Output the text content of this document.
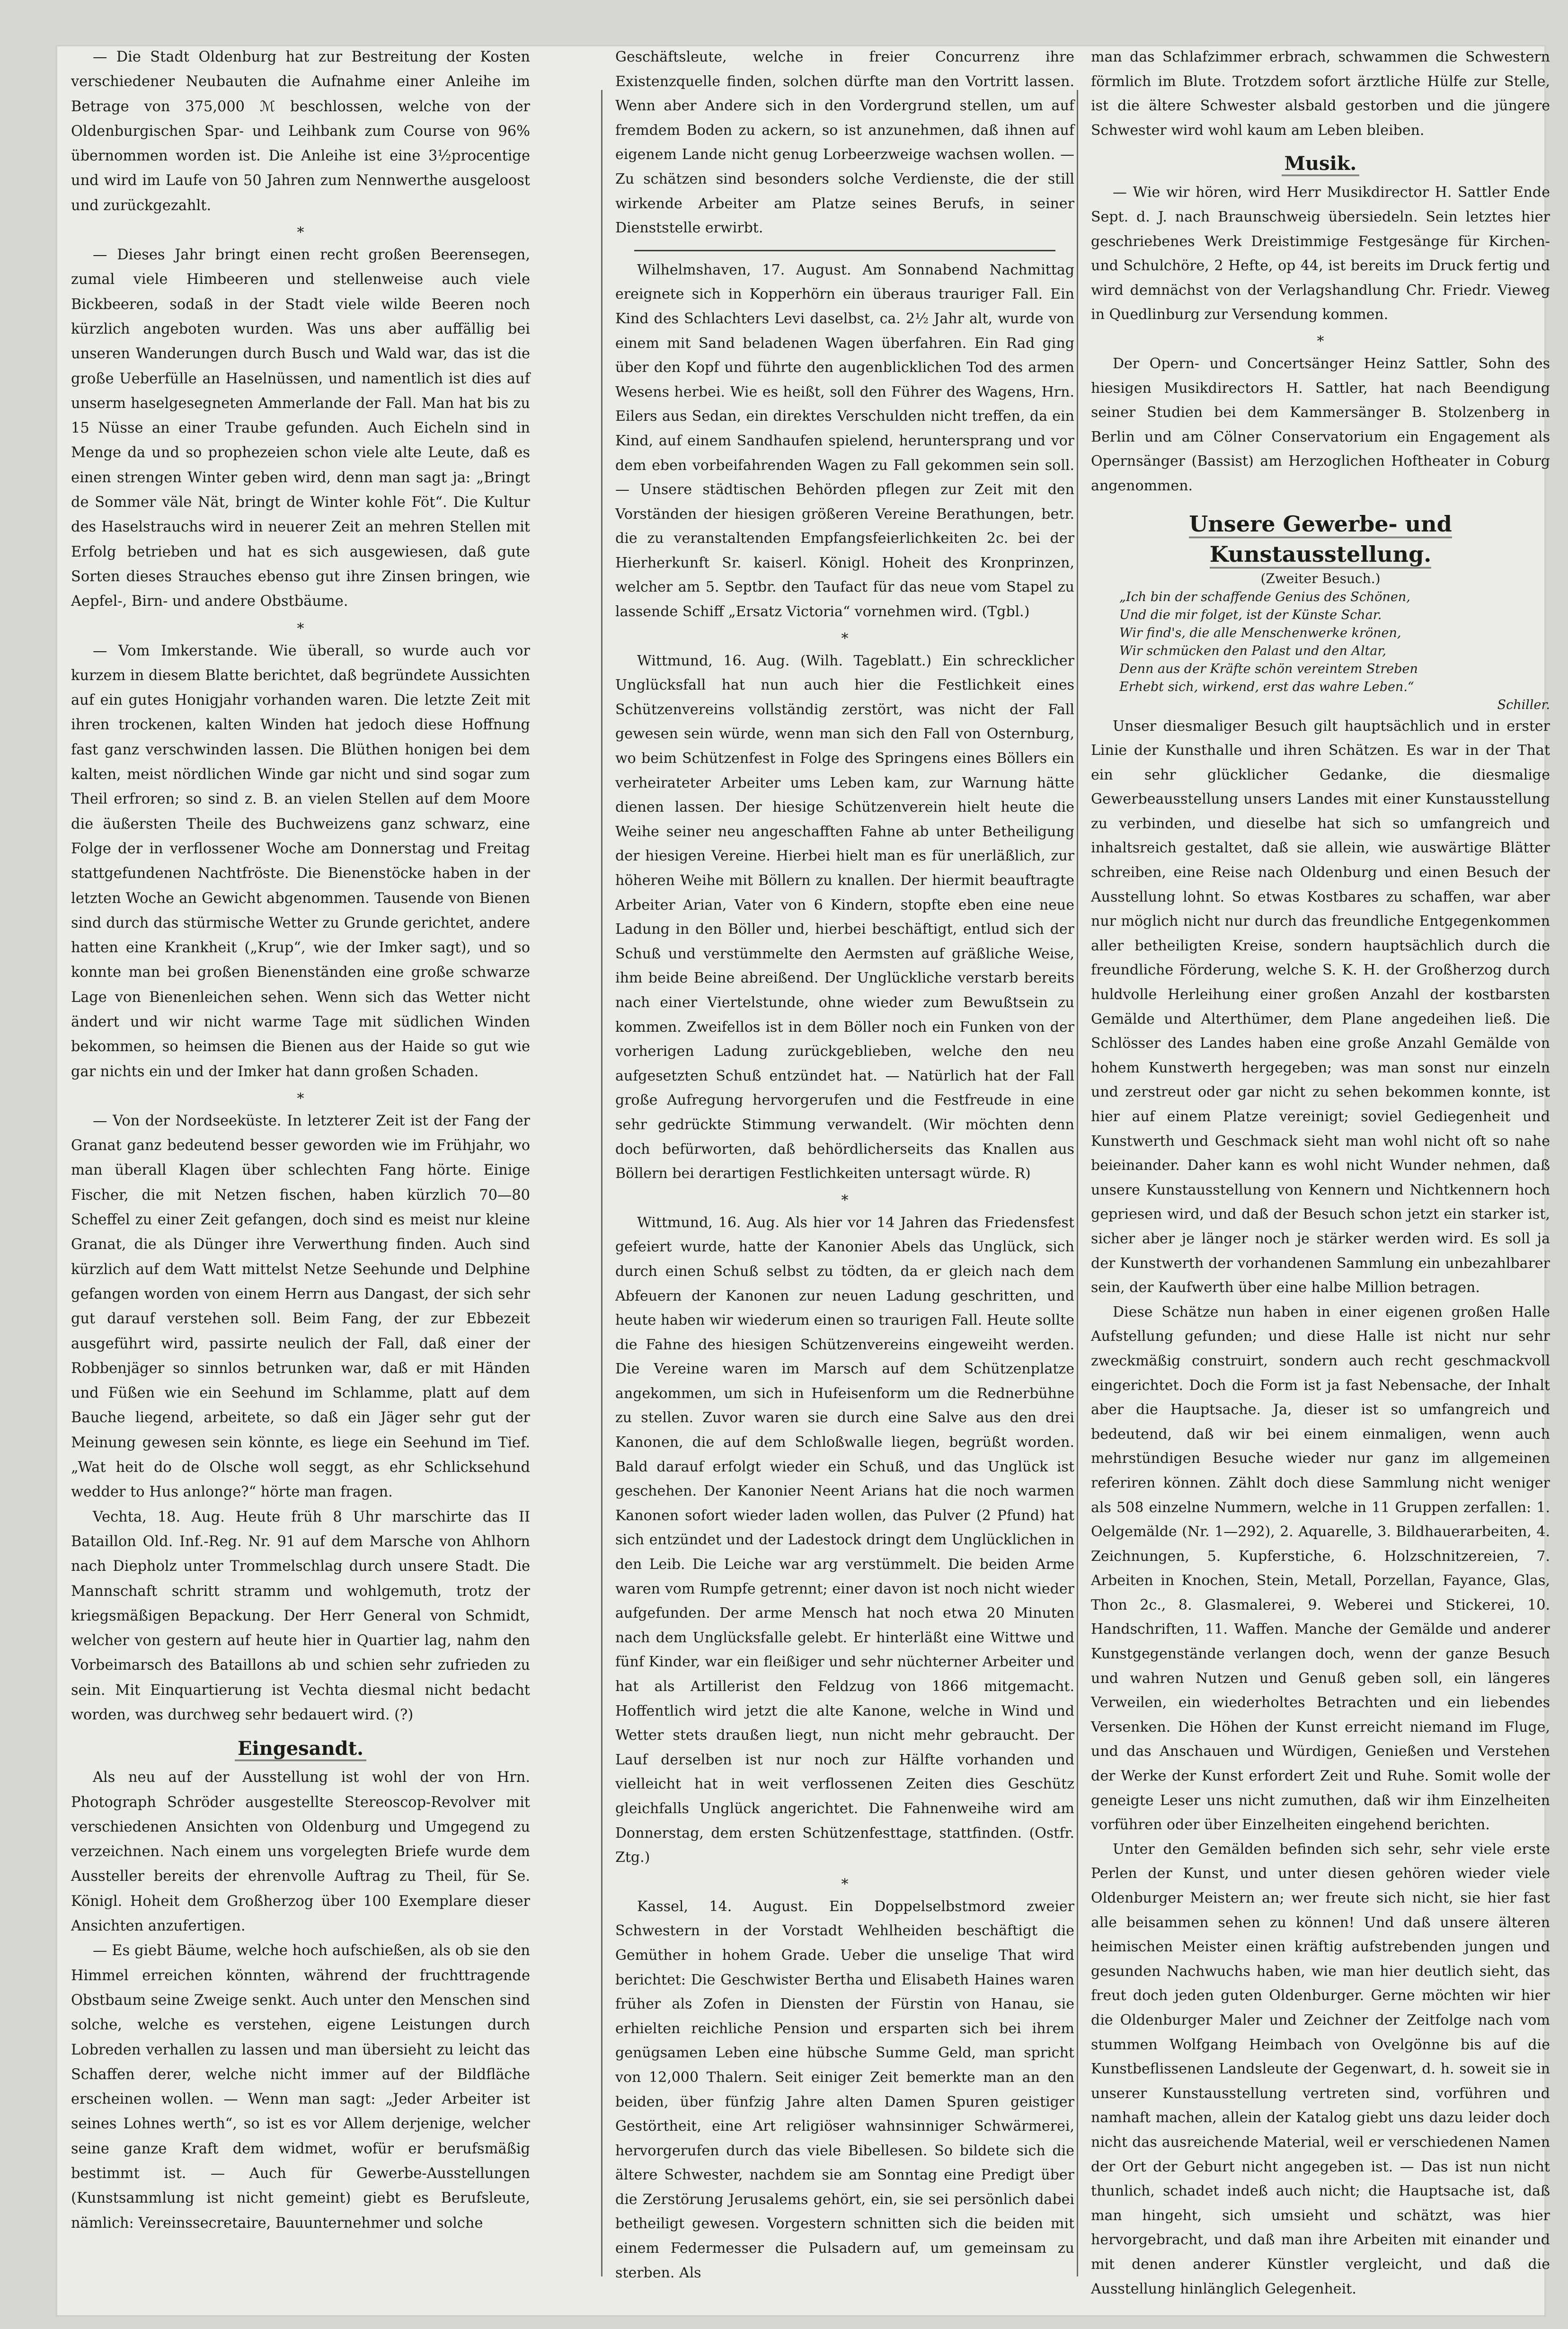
— Die Stadt Oldenburg hat zur Bestreitung der Kosten verschiedener Neubauten die Aufnahme einer Anleihe im Betrage von 375,000 ℳ beschlossen, welche von der Oldenburgischen Spar- und Leihbank zum Course von 96% übernommen worden ist. Die Anleihe ist eine 3½procentige und wird im Laufe von 50 Jahren zum Nennwerthe ausgeloost und zurückgezahlt.

*

— Dieses Jahr bringt einen recht großen Beerensegen, zumal viele Himbeeren und stellenweise auch viele Bickbeeren, sodaß in der Stadt viele wilde Beeren noch kürzlich angeboten wurden. Was uns aber auffällig bei unseren Wanderungen durch Busch und Wald war, das ist die große Ueberfülle an Haselnüssen, und namentlich ist dies auf unserm haselgesegneten Ammerlande der Fall. Man hat bis zu 15 Nüsse an einer Traube gefunden. Auch Eicheln sind in Menge da und so prophezeien schon viele alte Leute, daß es einen strengen Winter geben wird, denn man sagt ja: „Bringt de Sommer väle Nät, bringt de Winter kohle Föt“. Die Kultur des Haselstrauchs wird in neuerer Zeit an mehren Stellen mit Erfolg betrieben und hat es sich ausgewiesen, daß gute Sorten dieses Strauches ebenso gut ihre Zinsen bringen, wie Aepfel-, Birn- und andere Obstbäume.

*

— Vom Imkerstande. Wie überall, so wurde auch vor kurzem in diesem Blatte berichtet, daß begründete Aussichten auf ein gutes Honigjahr vorhanden waren. Die letzte Zeit mit ihren trockenen, kalten Winden hat jedoch diese Hoffnung fast ganz verschwinden lassen. Die Blüthen honigen bei dem kalten, meist nördlichen Winde gar nicht und sind sogar zum Theil erfroren; so sind z. B. an vielen Stellen auf dem Moore die äußersten Theile des Buchweizens ganz schwarz, eine Folge der in verflossener Woche am Donnerstag und Freitag stattgefundenen Nachtfröste. Die Bienenstöcke haben in der letzten Woche an Gewicht abgenommen. Tausende von Bienen sind durch das stürmische Wetter zu Grunde gerichtet, andere hatten eine Krankheit („Krup“, wie der Imker sagt), und so konnte man bei großen Bienenständen eine große schwarze Lage von Bienenleichen sehen. Wenn sich das Wetter nicht ändert und wir nicht warme Tage mit südlichen Winden bekommen, so heimsen die Bienen aus der Haide so gut wie gar nichts ein und der Imker hat dann großen Schaden.

*

— Von der Nordseeküste. In letzterer Zeit ist der Fang der Granat ganz bedeutend besser geworden wie im Frühjahr, wo man überall Klagen über schlechten Fang hörte. Einige Fischer, die mit Netzen fischen, haben kürzlich 70—80 Scheffel zu einer Zeit gefangen, doch sind es meist nur kleine Granat, die als Dünger ihre Verwerthung finden. Auch sind kürzlich auf dem Watt mittelst Netze Seehunde und Delphine gefangen worden von einem Herrn aus Dangast, der sich sehr gut darauf verstehen soll. Beim Fang, der zur Ebbezeit ausgeführt wird, passirte neulich der Fall, daß einer der Robbenjäger so sinnlos betrunken war, daß er mit Händen und Füßen wie ein Seehund im Schlamme, platt auf dem Bauche liegend, arbeitete, so daß ein Jäger sehr gut der Meinung gewesen sein könnte, es liege ein Seehund im Tief. „Wat heit do de Olsche woll seggt, as ehr Schlicksehund wedder to Hus anlonge?“ hörte man fragen.

Vechta, 18. Aug. Heute früh 8 Uhr marschirte das II Bataillon Old. Inf.-Reg. Nr. 91 auf dem Marsche von Ahlhorn nach Diepholz unter Trommelschlag durch unsere Stadt. Die Mannschaft schritt stramm und wohlgemuth, trotz der kriegsmäßigen Bepackung. Der Herr General von Schmidt, welcher von gestern auf heute hier in Quartier lag, nahm den Vorbeimarsch des Bataillons ab und schien sehr zufrieden zu sein. Mit Einquartierung ist Vechta diesmal nicht bedacht worden, was durchweg sehr bedauert wird. (?)

Eingesandt.

Als neu auf der Ausstellung ist wohl der von Hrn. Photograph Schröder ausgestellte Stereoscop-Revolver mit verschiedenen Ansichten von Oldenburg und Umgegend zu verzeichnen. Nach einem uns vorgelegten Briefe wurde dem Aussteller bereits der ehrenvolle Auftrag zu Theil, für Se. Königl. Hoheit dem Großherzog über 100 Exemplare dieser Ansichten anzufertigen.

— Es giebt Bäume, welche hoch aufschießen, als ob sie den Himmel erreichen könnten, während der fruchttragende Obstbaum seine Zweige senkt. Auch unter den Menschen sind solche, welche es verstehen, eigene Leistungen durch Lobreden verhallen zu lassen und man übersieht zu leicht das Schaffen derer, welche nicht immer auf der Bildfläche erscheinen wollen. — Wenn man sagt: „Jeder Arbeiter ist seines Lohnes werth“, so ist es vor Allem derjenige, welcher seine ganze Kraft dem widmet, wofür er berufsmäßig bestimmt ist. — Auch für Gewerbe-Ausstellungen (Kunstsammlung ist nicht gemeint) giebt es Berufsleute, nämlich: Vereinssecretaire, Bauunternehmer und solche

Geschäftsleute, welche in freier Concurrenz ihre Existenzquelle finden, solchen dürfte man den Vortritt lassen. Wenn aber Andere sich in den Vordergrund stellen, um auf fremdem Boden zu ackern, so ist anzunehmen, daß ihnen auf eigenem Lande nicht genug Lorbeerzweige wachsen wollen. — Zu schätzen sind besonders solche Verdienste, die der still wirkende Arbeiter am Platze seines Berufs, in seiner Dienststelle erwirbt.

Wilhelmshaven, 17. August. Am Sonnabend Nachmittag ereignete sich in Kopperhörn ein überaus trauriger Fall. Ein Kind des Schlachters Levi daselbst, ca. 2½ Jahr alt, wurde von einem mit Sand beladenen Wagen überfahren. Ein Rad ging über den Kopf und führte den augenblicklichen Tod des armen Wesens herbei. Wie es heißt, soll den Führer des Wagens, Hrn. Eilers aus Sedan, ein direktes Verschulden nicht treffen, da ein Kind, auf einem Sandhaufen spielend, heruntersprang und vor dem eben vorbeifahrenden Wagen zu Fall gekommen sein soll. — Unsere städtischen Behörden pflegen zur Zeit mit den Vorständen der hiesigen größeren Vereine Berathungen, betr. die zu veranstaltenden Empfangsfeierlichkeiten 2c. bei der Hierherkunft Sr. kaiserl. Königl. Hoheit des Kronprinzen, welcher am 5. Septbr. den Taufact für das neue vom Stapel zu lassende Schiff „Ersatz Victoria“ vornehmen wird. (Tgbl.)

*

Wittmund, 16. Aug. (Wilh. Tageblatt.) Ein schrecklicher Unglücksfall hat nun auch hier die Festlichkeit eines Schützenvereins vollständig zerstört, was nicht der Fall gewesen sein würde, wenn man sich den Fall von Osternburg, wo beim Schützenfest in Folge des Springens eines Böllers ein verheirateter Arbeiter ums Leben kam, zur Warnung hätte dienen lassen. Der hiesige Schützenverein hielt heute die Weihe seiner neu angeschafften Fahne ab unter Betheiligung der hiesigen Vereine. Hierbei hielt man es für unerläßlich, zur höheren Weihe mit Böllern zu knallen. Der hiermit beauftragte Arbeiter Arian, Vater von 6 Kindern, stopfte eben eine neue Ladung in den Böller und, hierbei beschäftigt, entlud sich der Schuß und verstümmelte den Aermsten auf gräßliche Weise, ihm beide Beine abreißend. Der Unglückliche verstarb bereits nach einer Viertelstunde, ohne wieder zum Bewußtsein zu kommen. Zweifellos ist in dem Böller noch ein Funken von der vorherigen Ladung zurückgeblieben, welche den neu aufgesetzten Schuß entzündet hat. — Natürlich hat der Fall große Aufregung hervorgerufen und die Festfreude in eine sehr gedrückte Stimmung verwandelt. (Wir möchten denn doch befürworten, daß behördlicherseits das Knallen aus Böllern bei derartigen Festlichkeiten untersagt würde. R)

*

Wittmund, 16. Aug. Als hier vor 14 Jahren das Friedensfest gefeiert wurde, hatte der Kanonier Abels das Unglück, sich durch einen Schuß selbst zu tödten, da er gleich nach dem Abfeuern der Kanonen zur neuen Ladung geschritten, und heute haben wir wiederum einen so traurigen Fall. Heute sollte die Fahne des hiesigen Schützenvereins eingeweiht werden. Die Vereine waren im Marsch auf dem Schützenplatze angekommen, um sich in Hufeisenform um die Rednerbühne zu stellen. Zuvor waren sie durch eine Salve aus den drei Kanonen, die auf dem Schloßwalle liegen, begrüßt worden. Bald darauf erfolgt wieder ein Schuß, und das Unglück ist geschehen. Der Kanonier Neent Arians hat die noch warmen Kanonen sofort wieder laden wollen, das Pulver (2 Pfund) hat sich entzündet und der Ladestock dringt dem Unglücklichen in den Leib. Die Leiche war arg verstümmelt. Die beiden Arme waren vom Rumpfe getrennt; einer davon ist noch nicht wieder aufgefunden. Der arme Mensch hat noch etwa 20 Minuten nach dem Unglücksfalle gelebt. Er hinterläßt eine Wittwe und fünf Kinder, war ein fleißiger und sehr nüchterner Arbeiter und hat als Artillerist den Feldzug von 1866 mitgemacht. Hoffentlich wird jetzt die alte Kanone, welche in Wind und Wetter stets draußen liegt, nun nicht mehr gebraucht. Der Lauf derselben ist nur noch zur Hälfte vorhanden und vielleicht hat in weit verflossenen Zeiten dies Geschütz gleichfalls Unglück angerichtet. Die Fahnenweihe wird am Donnerstag, dem ersten Schützenfesttage, stattfinden. (Ostfr. Ztg.)

*

Kassel, 14. August. Ein Doppelselbstmord zweier Schwestern in der Vorstadt Wehlheiden beschäftigt die Gemüther in hohem Grade. Ueber die unselige That wird berichtet: Die Geschwister Bertha und Elisabeth Haines waren früher als Zofen in Diensten der Fürstin von Hanau, sie erhielten reichliche Pension und ersparten sich bei ihrem genügsamen Leben eine hübsche Summe Geld, man spricht von 12,000 Thalern. Seit einiger Zeit bemerkte man an den beiden, über fünfzig Jahre alten Damen Spuren geistiger Gestörtheit, eine Art religiöser wahnsinniger Schwärmerei, hervorgerufen durch das viele Bibellesen. So bildete sich die ältere Schwester, nachdem sie am Sonntag eine Predigt über die Zerstörung Jerusalems gehört, ein, sie sei persönlich dabei betheiligt gewesen. Vorgestern schnitten sich die beiden mit einem Federmesser die Pulsadern auf, um gemeinsam zu sterben. Als

man das Schlafzimmer erbrach, schwammen die Schwestern förmlich im Blute. Trotzdem sofort ärztliche Hülfe zur Stelle, ist die ältere Schwester alsbald gestorben und die jüngere Schwester wird wohl kaum am Leben bleiben.

Musik.

— Wie wir hören, wird Herr Musikdirector H. Sattler Ende Sept. d. J. nach Braunschweig übersiedeln. Sein letztes hier geschriebenes Werk Dreistimmige Festgesänge für Kirchen- und Schulchöre, 2 Hefte, op 44, ist bereits im Druck fertig und wird demnächst von der Verlagshandlung Chr. Friedr. Vieweg in Quedlinburg zur Versendung kommen.

*

Der Opern- und Concertsänger Heinz Sattler, Sohn des hiesigen Musikdirectors H. Sattler, hat nach Beendigung seiner Studien bei dem Kammersänger B. Stolzenberg in Berlin und am Cölner Conservatorium ein Engagement als Opernsänger (Bassist) am Herzoglichen Hoftheater in Coburg angenommen.

Unsere Gewerbe- und Kunstausstellung.
(Zweiter Besuch.)
„Ich bin der schaffende Genius des Schönen,
Und die mir folget, ist der Künste Schar.
Wir find's, die alle Menschenwerke krönen,
Wir schmücken den Palast und den Altar,
Denn aus der Kräfte schön vereintem Streben
Erhebt sich, wirkend, erst das wahre Leben.“
Schiller.

Unser diesmaliger Besuch gilt hauptsächlich und in erster Linie der Kunsthalle und ihren Schätzen. Es war in der That ein sehr glücklicher Gedanke, die diesmalige Gewerbeausstellung unsers Landes mit einer Kunstausstellung zu verbinden, und dieselbe hat sich so umfangreich und inhaltsreich gestaltet, daß sie allein, wie auswärtige Blätter schreiben, eine Reise nach Oldenburg und einen Besuch der Ausstellung lohnt. So etwas Kostbares zu schaffen, war aber nur möglich nicht nur durch das freundliche Entgegenkommen aller betheiligten Kreise, sondern hauptsächlich durch die freundliche Förderung, welche S. K. H. der Großherzog durch huldvolle Herleihung einer großen Anzahl der kostbarsten Gemälde und Alterthümer, dem Plane angedeihen ließ. Die Schlösser des Landes haben eine große Anzahl Gemälde von hohem Kunstwerth hergegeben; was man sonst nur einzeln und zerstreut oder gar nicht zu sehen bekommen konnte, ist hier auf einem Platze vereinigt; soviel Gediegenheit und Kunstwerth und Geschmack sieht man wohl nicht oft so nahe beieinander. Daher kann es wohl nicht Wunder nehmen, daß unsere Kunstausstellung von Kennern und Nichtkennern hoch gepriesen wird, und daß der Besuch schon jetzt ein starker ist, sicher aber je länger noch je stärker werden wird. Es soll ja der Kunstwerth der vorhandenen Sammlung ein unbezahlbarer sein, der Kaufwerth über eine halbe Million betragen.

Diese Schätze nun haben in einer eigenen großen Halle Aufstellung gefunden; und diese Halle ist nicht nur sehr zweckmäßig construirt, sondern auch recht geschmackvoll eingerichtet. Doch die Form ist ja fast Nebensache, der Inhalt aber die Hauptsache. Ja, dieser ist so umfangreich und bedeutend, daß wir bei einem einmaligen, wenn auch mehrstündigen Besuche wieder nur ganz im allgemeinen referiren können. Zählt doch diese Sammlung nicht weniger als 508 einzelne Nummern, welche in 11 Gruppen zerfallen: 1. Oelgemälde (Nr. 1—292), 2. Aquarelle, 3. Bildhauerarbeiten, 4. Zeichnungen, 5. Kupferstiche, 6. Holzschnitzereien, 7. Arbeiten in Knochen, Stein, Metall, Porzellan, Fayance, Glas, Thon 2c., 8. Glasmalerei, 9. Weberei und Stickerei, 10. Handschriften, 11. Waffen. Manche der Gemälde und anderer Kunstgegenstände verlangen doch, wenn der ganze Besuch und wahren Nutzen und Genuß geben soll, ein längeres Verweilen, ein wiederholtes Betrachten und ein liebendes Versenken. Die Höhen der Kunst erreicht niemand im Fluge, und das Anschauen und Würdigen, Genießen und Verstehen der Werke der Kunst erfordert Zeit und Ruhe. Somit wolle der geneigte Leser uns nicht zumuthen, daß wir ihm Einzelheiten vorführen oder über Einzelheiten eingehend berichten.

Unter den Gemälden befinden sich sehr, sehr viele erste Perlen der Kunst, und unter diesen gehören wieder viele Oldenburger Meistern an; wer freute sich nicht, sie hier fast alle beisammen sehen zu können! Und daß unsere älteren heimischen Meister einen kräftig aufstrebenden jungen und gesunden Nachwuchs haben, wie man hier deutlich sieht, das freut doch jeden guten Oldenburger. Gerne möchten wir hier die Oldenburger Maler und Zeichner der Zeitfolge nach vom stummen Wolfgang Heimbach von Ovelgönne bis auf die Kunstbeflissenen Landsleute der Gegenwart, d. h. soweit sie in unserer Kunstausstellung vertreten sind, vorführen und namhaft machen, allein der Katalog giebt uns dazu leider doch nicht das ausreichende Material, weil er verschiedenen Namen der Ort der Geburt nicht angegeben ist. — Das ist nun nicht thunlich, schadet indeß auch nicht; die Hauptsache ist, daß man hingeht, sich umsieht und schätzt, was hier hervorgebracht, und daß man ihre Arbeiten mit einander und mit denen anderer Künstler vergleicht, und daß die Ausstellung hinlänglich Gelegenheit.
